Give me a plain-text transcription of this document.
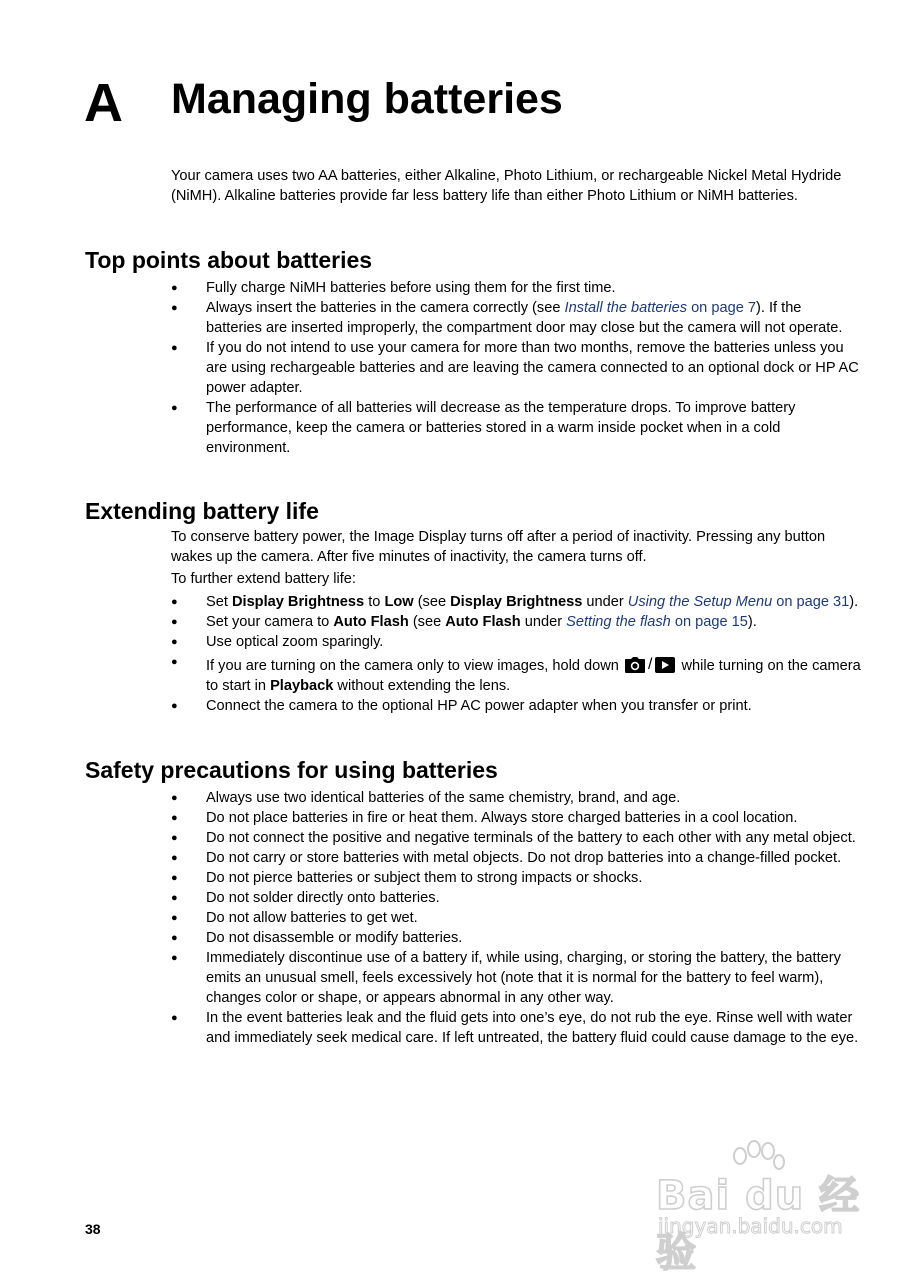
A Managing batteries

Your camera uses two AA batteries, either Alkaline, Photo Lithium, or rechargeable Nickel Metal Hydride (NiMH). Alkaline batteries provide far less battery life than either Photo Lithium or NiMH batteries.

Top points about batteries
● Fully charge NiMH batteries before using them for the first time.
● Always insert the batteries in the camera correctly (see Install the batteries on page 7). If the batteries are inserted improperly, the compartment door may close but the camera will not operate.
● If you do not intend to use your camera for more than two months, remove the batteries unless you are using rechargeable batteries and are leaving the camera connected to an optional dock or HP AC power adapter.
● The performance of all batteries will decrease as the temperature drops. To improve battery performance, keep the camera or batteries stored in a warm inside pocket when in a cold environment.
Extending battery life

To conserve battery power, the Image Display turns off after a period of inactivity. Pressing any button wakes up the camera. After five minutes of inactivity, the camera turns off.

To further extend battery life:

● Set Display Brightness to Low (see Display Brightness under Using the Setup Menu on page 31).
● Set your camera to Auto Flash (see Auto Flash under Setting the flash on page 15).
● Use optical zoom sparingly.
● If you are turning on the camera only to view images, hold down / while turning on the camera to start in Playback without extending the lens.
● Connect the camera to the optional HP AC power adapter when you transfer or print.
Safety precautions for using batteries
● Always use two identical batteries of the same chemistry, brand, and age.
● Do not place batteries in fire or heat them. Always store charged batteries in a cool location.
● Do not connect the positive and negative terminals of the battery to each other with any metal object.
● Do not carry or store batteries with metal objects. Do not drop batteries into a change-filled pocket.
● Do not pierce batteries or subject them to strong impacts or shocks.
● Do not solder directly onto batteries.
● Do not allow batteries to get wet.
● Do not disassemble or modify batteries.
● Immediately discontinue use of a battery if, while using, charging, or storing the battery, the battery emits an unusual smell, feels excessively hot (note that it is normal for the battery to feel warm), changes color or shape, or appears abnormal in any other way.
● In the event batteries leak and the fluid gets into one’s eye, do not rub the eye. Rinse well with water and immediately seek medical care. If left untreated, the battery fluid could cause damage to the eye.

38

Bai du 经验
jingyan.baidu.com
